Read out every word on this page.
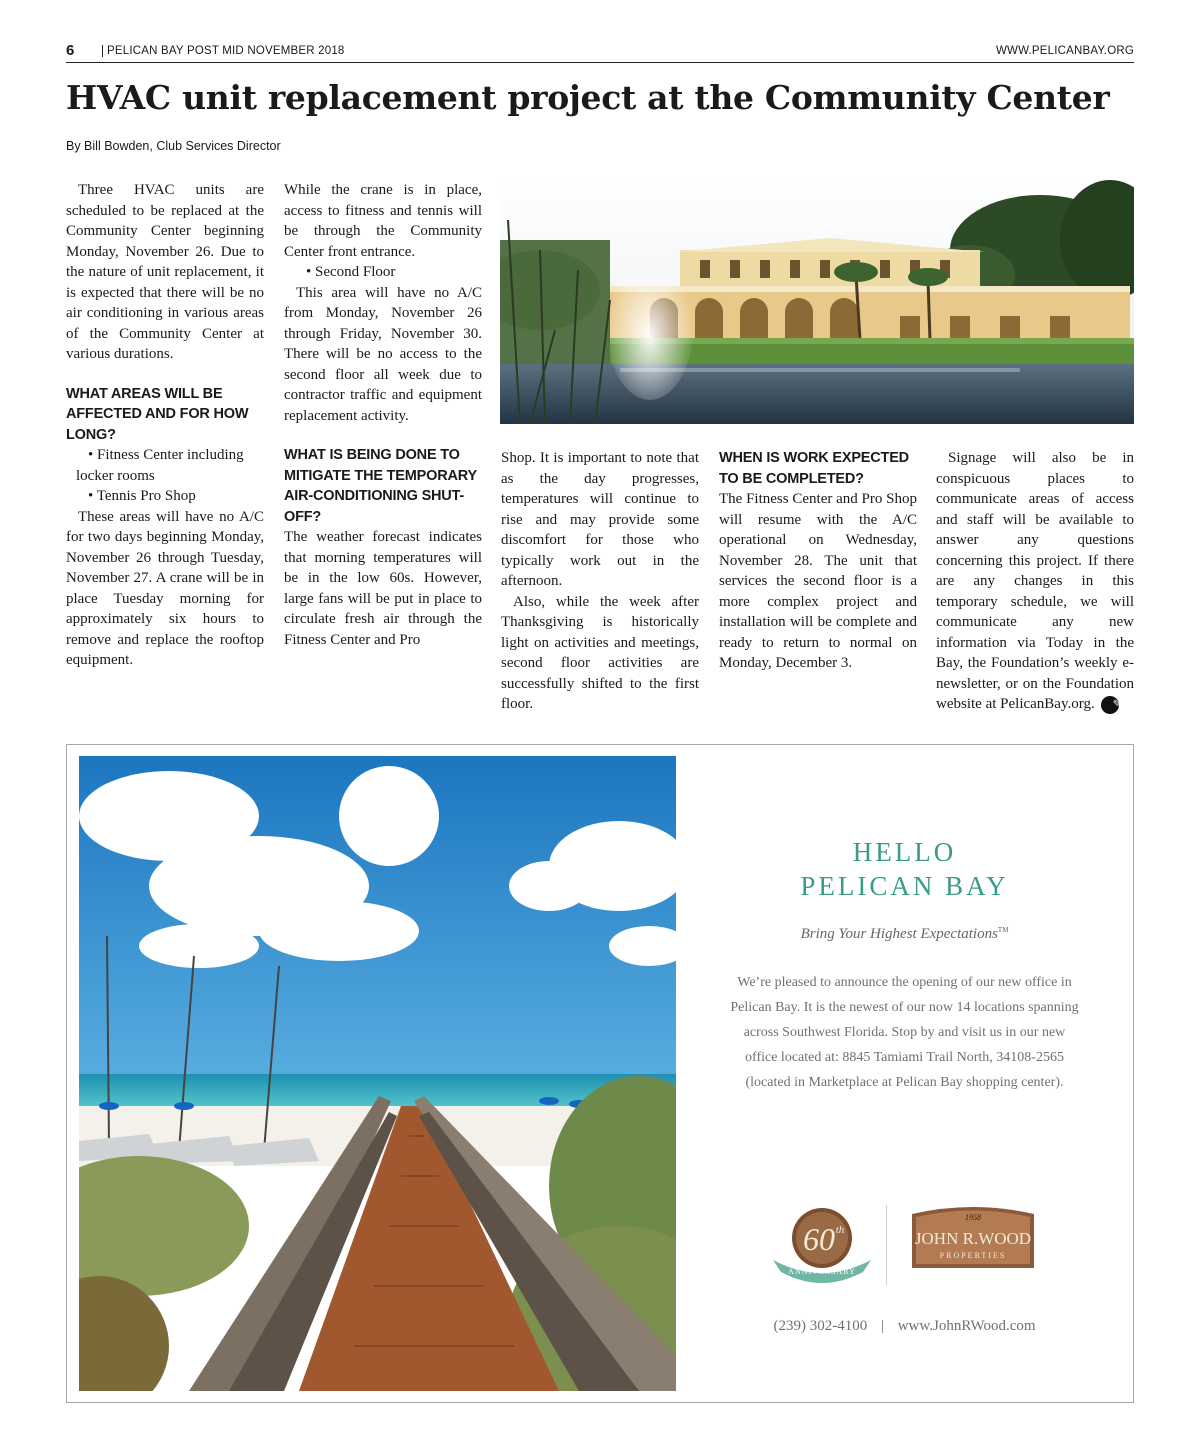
6	PELICAN BAY POST MID NOVEMBER 2018	WWW.PELICANBAY.ORG
HVAC unit replacement project at the Community Center
By Bill Bowden, Club Services Director

Three HVAC units are scheduled to be replaced at the Community Center beginning Monday, November 26. Due to the nature of unit replacement, it is expected that there will be no air conditioning in various areas of the Community Center at various durations.

WHAT AREAS WILL BE AFFECTED AND FOR HOW LONG?

• Fitness Center including locker rooms

• Tennis Pro Shop

These areas will have no A/C for two days beginning Monday, November 26 through Tuesday, November 27. A crane will be in place Tuesday morning for approximately six hours to remove and replace the rooftop equipment.

While the crane is in place, access to fitness and tennis will be through the Community Center front entrance.

• Second Floor

This area will have no A/C from Monday, November 26 through Friday, November 30. There will be no access to the second floor all week due to contractor traffic and equipment replacement activity.

WHAT IS BEING DONE TO MITIGATE THE TEMPORARY AIR-CONDITIONING SHUT-OFF?

The weather forecast indicates that morning temperatures will be in the low 60s. However, large fans will be put in place to circulate fresh air through the Fitness Center and Pro

Shop. It is important to note that as the day progresses, temperatures will continue to rise and may provide some discomfort for those who typically work out in the afternoon.

Also, while the week after Thanksgiving is historically light on activities and meetings, second floor activities are successfully shifted to the first floor.

WHEN IS WORK EXPECTED TO BE COMPLETED?

The Fitness Center and Pro Shop will resume with the A/C operational on Wednesday, November 28. The unit that services the second floor is a more complex project and installation will be complete and ready to return to normal on Monday, December 3.

Signage will also be in conspicuous places to communicate areas of access and staff will be available to answer any questions concerning this project. If there are any changes in this temporary schedule, we will communicate any new information via Today in the Bay, the Foundation’s weekly e-newsletter, or on the Foundation website at PelicanBay.org. ✎

HELLO
PELICAN BAY
Bring Your Highest Expectations™
We’re pleased to announce the opening of our new office in Pelican Bay. It is the newest of our now 14 locations spanning across Southwest Florida. Stop by and visit us in our new office located at: 8845 Tamiami Trail North, 34108-2565 (located in Marketplace at Pelican Bay shopping center).
60 th
ANNIVERSARY
1958
JOHN R.WOOD
PROPERTIES
(239) 302-4100 | www.JohnRWood.com
